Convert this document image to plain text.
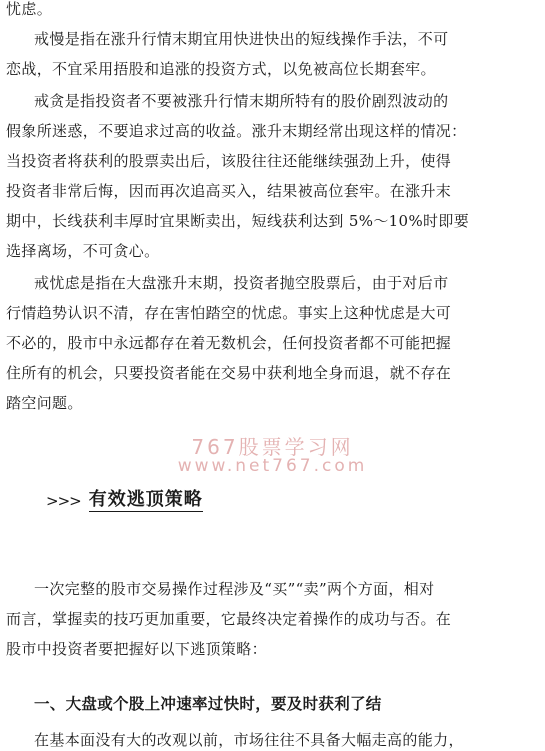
忧虑。
戒慢是指在涨升行情末期宜用快进快出的短线操作手法，不可
恋战，不宜采用捂股和追涨的投资方式，以免被高位长期套牢。
戒贪是指投资者不要被涨升行情末期所特有的股价剧烈波动的
假象所迷惑，不要追求过高的收益。涨升末期经常出现这样的情况：
当投资者将获利的股票卖出后，该股往往还能继续强劲上升，使得
投资者非常后悔，因而再次追高买入，结果被高位套牢。在涨升末
期中，长线获利丰厚时宜果断卖出，短线获利达到 5%～10%时即要
选择离场，不可贪心。
戒忧虑是指在大盘涨升末期，投资者抛空股票后，由于对后市
行情趋势认识不清，存在害怕踏空的忧虑。事实上这种忧虑是大可
不必的，股市中永远都存在着无数机会，任何投资者都不可能把握
住所有的机会，只要投资者能在交易中获利地全身而退，就不存在
踏空问题。
767股票学习网
www.net767.com
>>> 有效逃顶策略
一次完整的股市交易操作过程涉及“买”“卖”两个方面，相对
而言，掌握卖的技巧更加重要，它最终决定着操作的成功与否。在
股市中投资者要把握好以下逃顶策略：
一、大盘或个股上冲速率过快时，要及时获利了结
在基本面没有大的改观以前，市场往往不具备大幅走高的能力，
